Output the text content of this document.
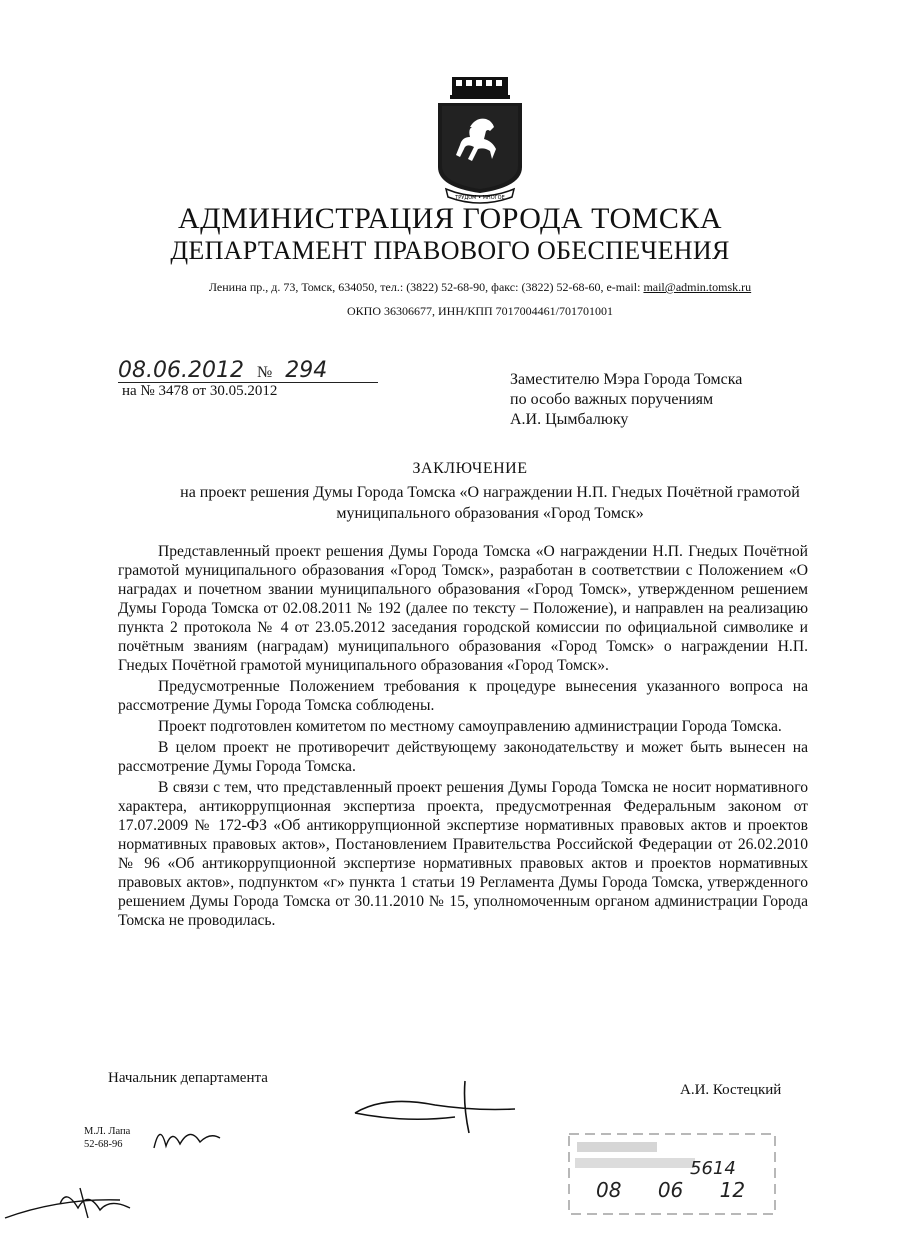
ТРУДОМ • МНОГОЕ
АДМИНИСТРАЦИЯ ГОРОДА ТОМСКА
ДЕПАРТАМЕНТ ПРАВОВОГО ОБЕСПЕЧЕНИЯ
Ленина пр., д. 73, Томск, 634050, тел.: (3822) 52-68-90, факс: (3822) 52-68-60, e-mail: mail@admin.tomsk.ru
ОКПО 36306677, ИНН/КПП 7017004461/701701001
08.06.2012 № 294
на № 3478 от 30.05.2012
Заместителю Мэра Города Томска
по особо важных поручениям
А.И. Цымбалюку
ЗАКЛЮЧЕНИЕ
на проект решения Думы Города Томска «О награждении Н.П. Гнедых Почётной грамотой муниципального образования «Город Томск»

Представленный проект решения Думы Города Томска «О награждении Н.П. Гнедых Почётной грамотой муниципального образования «Город Томск», разработан в соответствии с Положением «О наградах и почетном звании муниципального образования «Город Томск», утвержденном решением Думы Города Томска от 02.08.2011 № 192 (далее по тексту – Положение), и направлен на реализацию пункта 2 протокола № 4 от 23.05.2012 заседания городской комиссии по официальной символике и почётным званиям (наградам) муниципального образования «Город Томск» о награждении Н.П. Гнедых Почётной грамотой муниципального образования «Город Томск».

Предусмотренные Положением требования к процедуре вынесения указанного вопроса на рассмотрение Думы Города Томска соблюдены.

Проект подготовлен комитетом по местному самоуправлению администрации Города Томска.

В целом проект не противоречит действующему законодательству и может быть вынесен на рассмотрение Думы Города Томска.

В связи с тем, что представленный проект решения Думы Города Томска не носит нормативного характера, антикоррупционная экспертиза проекта, предусмотренная Федеральным законом от 17.07.2009 № 172-ФЗ «Об антикоррупционной экспертизе нормативных правовых актов и проектов нормативных правовых актов», Постановлением Правительства Российской Федерации от 26.02.2010 № 96 «Об антикоррупционной экспертизе нормативных правовых актов и проектов нормативных правовых актов», подпунктом «г» пункта 1 статьи 19 Регламента Думы Города Томска, утвержденного решением Думы Города Томска от 30.11.2010 № 15, уполномоченным органом администрации Города Томска не проводилась.

Начальник департамента
А.И. Костецкий
М.Л. Лапа
52-68-96
5614
08 06 12
